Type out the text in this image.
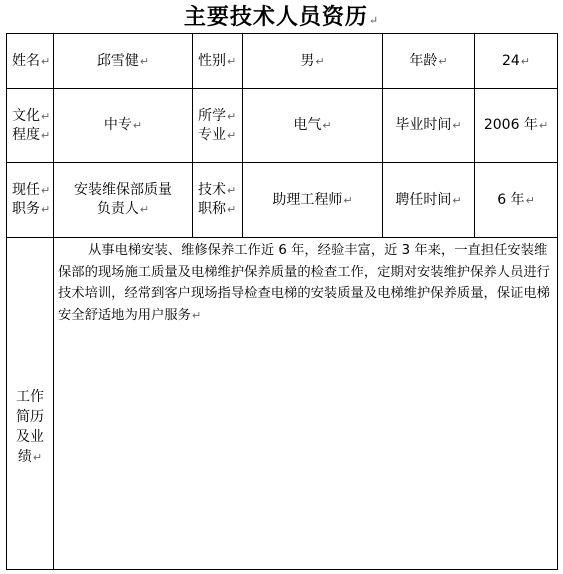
主要技术人员资历↵
姓名↵	邱雪健↵	性别↵	男↵	年龄↵	24↵
文化↵
程度↵	中专↵	所学↵
专业↵	电气↵	毕业时间↵	2006 年↵
现任↵
职务↵	安装维保部质量
负责人↵	技术↵
职称↵	助理工程师↵	聘任时间↵	6 年↵
工作
简历
及业
绩↵	从事电梯安装、维修保养工作近 6 年，经验丰富，近 3 年来，一直担任安装维保部的现场施工质量及电梯维护保养质量的检查工作，定期对安装维护保养人员进行技术培训，经常到客户现场指导检查电梯的安装质量及电梯维护保养质量，保证电梯安全舒适地为用户服务↵				
